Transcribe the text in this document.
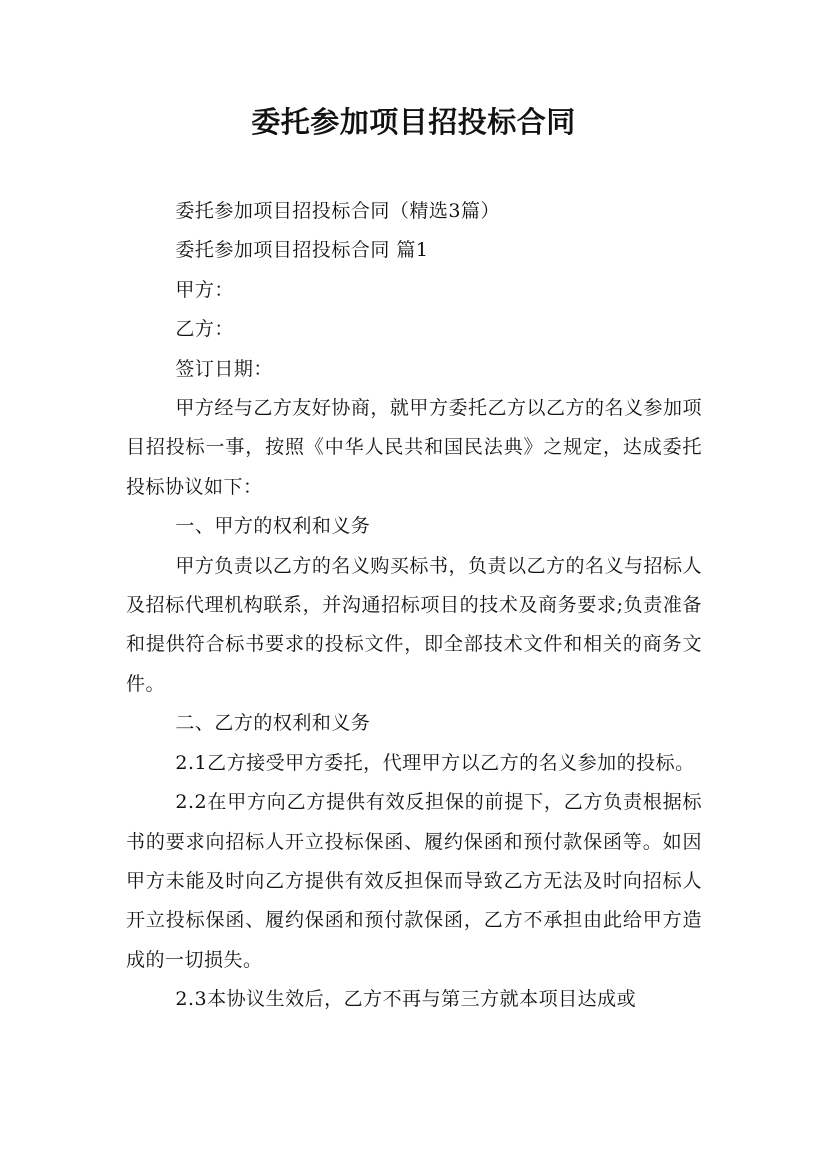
委托参加项目招投标合同

委托参加项目招投标合同（精选3篇）

委托参加项目招投标合同 篇1

甲方：

乙方：

签订日期：

甲方经与乙方友好协商，就甲方委托乙方以乙方的名义参加项目招投标一事，按照《中华人民共和国民法典》之规定，达成委托投标协议如下：

一、甲方的权利和义务

甲方负责以乙方的名义购买标书，负责以乙方的名义与招标人及招标代理机构联系，并沟通招标项目的技术及商务要求;负责准备和提供符合标书要求的投标文件，即全部技术文件和相关的商务文件。

二、乙方的权利和义务

2.1乙方接受甲方委托，代理甲方以乙方的名义参加的投标。

2.2在甲方向乙方提供有效反担保的前提下，乙方负责根据标书的要求向招标人开立投标保函、履约保函和预付款保函等。如因甲方未能及时向乙方提供有效反担保而导致乙方无法及时向招标人开立投标保函、履约保函和预付款保函，乙方不承担由此给甲方造成的一切损失。

2.3本协议生效后，乙方不再与第三方就本项目达成或
